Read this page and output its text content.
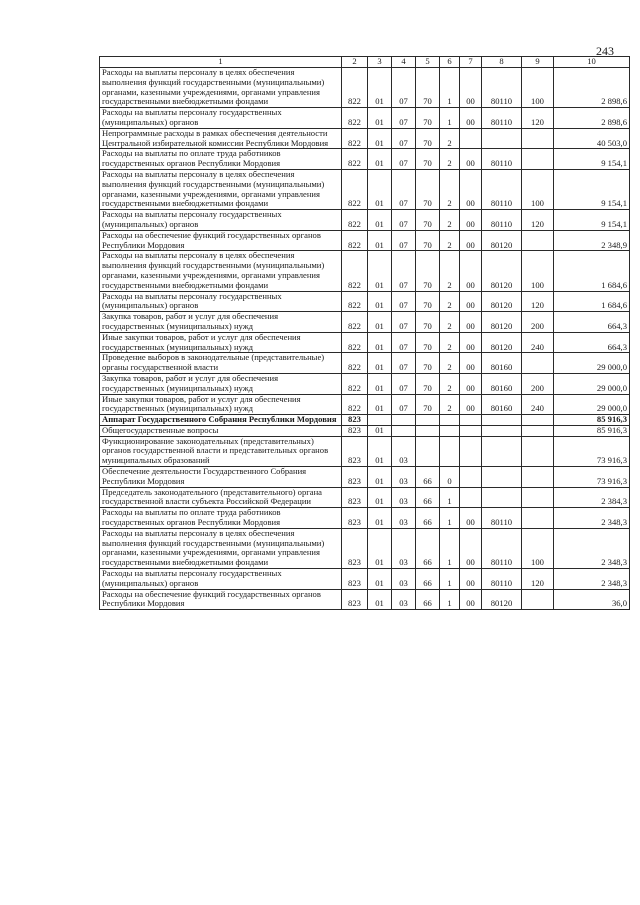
243
1	2	3	4	5	6	7	8	9	10
Расходы на выплаты персоналу в целях обеспечения выполнения функций государственными (муниципальными) органами, казенными учреждениями, органами управления государственными внебюджетными фондами	822	01	07	70	1	00	80110	100	2 898,6
Расходы на выплаты персоналу государственных (муниципальных) органов	822	01	07	70	1	00	80110	120	2 898,6
Непрограммные расходы в рамках обеспечения деятельности Центральной избирательной комиссии Республики Мордовия	822	01	07	70	2				40 503,0
Расходы на выплаты по оплате труда работников государственных органов Республики Мордовия	822	01	07	70	2	00	80110		9 154,1
Расходы на выплаты персоналу в целях обеспечения выполнения функций государственными (муниципальными) органами, казенными учреждениями, органами управления государственными внебюджетными фондами	822	01	07	70	2	00	80110	100	9 154,1
Расходы на выплаты персоналу государственных (муниципальных) органов	822	01	07	70	2	00	80110	120	9 154,1
Расходы на обеспечение функций государственных органов Республики Мордовия	822	01	07	70	2	00	80120		2 348,9
Расходы на выплаты персоналу в целях обеспечения выполнения функций государственными (муниципальными) органами, казенными учреждениями, органами управления государственными внебюджетными фондами	822	01	07	70	2	00	80120	100	1 684,6
Расходы на выплаты персоналу государственных (муниципальных) органов	822	01	07	70	2	00	80120	120	1 684,6
Закупка товаров, работ и услуг для обеспечения государственных (муниципальных) нужд	822	01	07	70	2	00	80120	200	664,3
Иные закупки товаров, работ и услуг для обеспечения государственных (муниципальных) нужд	822	01	07	70	2	00	80120	240	664,3
Проведение выборов в законодательные (представительные) органы государственной власти	822	01	07	70	2	00	80160		29 000,0
Закупка товаров, работ и услуг для обеспечения государственных (муниципальных) нужд	822	01	07	70	2	00	80160	200	29 000,0
Иные закупки товаров, работ и услуг для обеспечения государственных (муниципальных) нужд	822	01	07	70	2	00	80160	240	29 000,0
Аппарат Государственного Собрания Республики Мордовия	823								85 916,3
Общегосударственные вопросы	823	01							85 916,3
Функционирование законодательных (представительных) органов государственной власти и представительных органов муниципальных образований	823	01	03						73 916,3
Обеспечение деятельности Государственного Собрания Республики Мордовия	823	01	03	66	0				73 916,3
Председатель законодательного (представительного) органа государственной власти субъекта Российской Федерации	823	01	03	66	1				2 384,3
Расходы на выплаты по оплате труда работников государственных органов Республики Мордовия	823	01	03	66	1	00	80110		2 348,3
Расходы на выплаты персоналу в целях обеспечения выполнения функций государственными (муниципальными) органами, казенными учреждениями, органами управления государственными внебюджетными фондами	823	01	03	66	1	00	80110	100	2 348,3
Расходы на выплаты персоналу государственных (муниципальных) органов	823	01	03	66	1	00	80110	120	2 348,3
Расходы на обеспечение функций государственных органов Республики Мордовия	823	01	03	66	1	00	80120		36,0
